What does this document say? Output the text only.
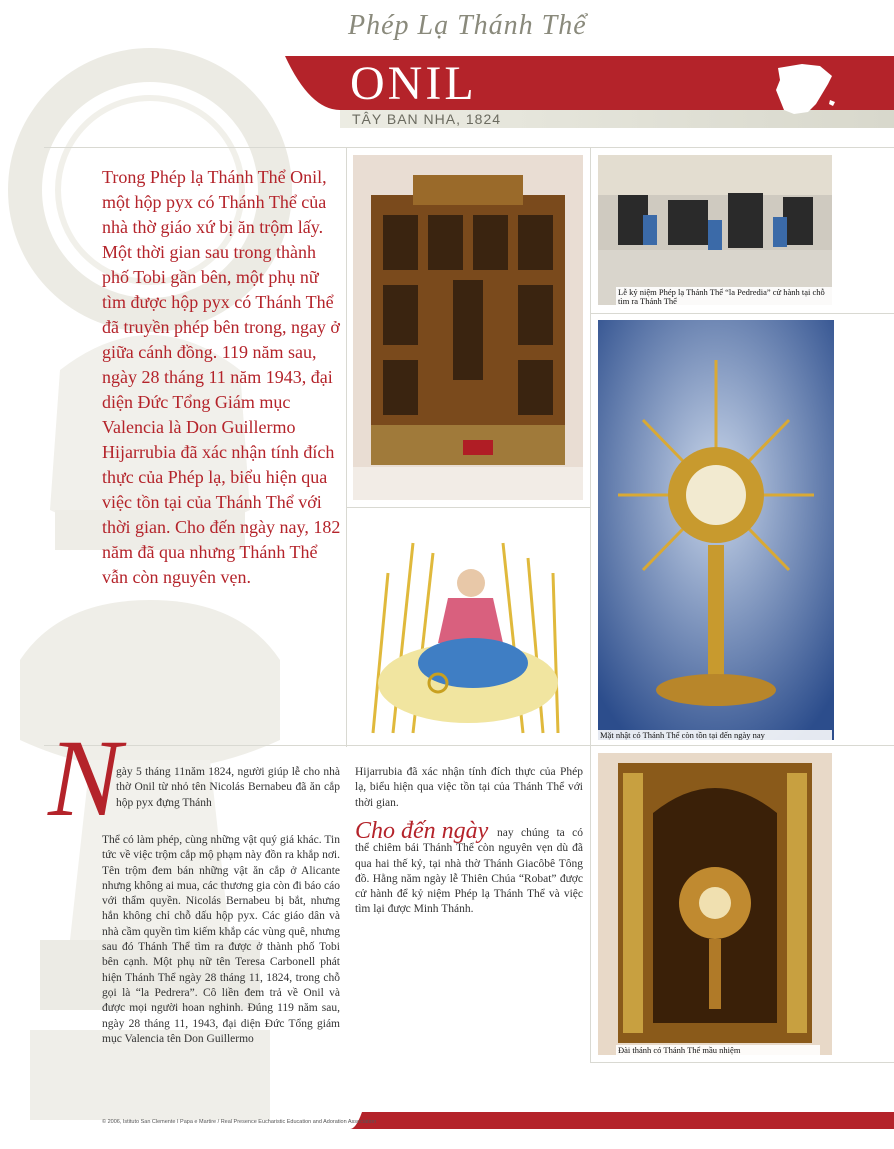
Phép Lạ Thánh Thể
ONIL
TÂY BAN NHA, 1824
Trong Phép lạ Thánh Thể Onil, một hộp pyx có Thánh Thể của nhà thờ giáo xứ bị ăn trộm lấy. Một thời gian sau trong thành phố Tobi gần bên, một phụ nữ tìm được hộp pyx có Thánh Thể đã truyền phép bên trong, ngay ở giữa cánh đồng. 119 năm sau, ngày 28 tháng 11 năm 1943, đại diện Đức Tổng Giám mục Valencia là Don Guillermo Hijarrubia đã xác nhận tính đích thực của Phép lạ, biểu hiện qua việc tồn tại của Thánh Thể với thời gian. Cho đến ngày nay, 182 năm đã qua nhưng Thánh Thể vẫn còn nguyên vẹn.
Lễ kỷ niệm Phép lạ Thánh Thể “la Pedredia” cử hành tại chỗ tìm ra Thánh Thể
Mặt nhật có Thánh Thể còn tồn tại đến ngày nay
N
gày 5 tháng 11năm 1824, người giúp lễ cho nhà thờ Onil từ nhỏ tên Nicolás Bernabeu đã ăn cắp hộp pyx đựng Thánh
Thể có làm phép, cùng những vật quý giá khác. Tin tức về việc trộm cắp mộ phạm này đồn ra khắp nơi. Tên trộm đem bán những vật ăn cắp ở Alicante nhưng không ai mua, các thương gia còn đi báo cáo với thẩm quyền. Nicolás Bernabeu bị bắt, nhưng hắn không chỉ chỗ dấu hộp pyx. Các giáo dân và nhà cầm quyền tìm kiếm khắp các vùng quê, nhưng sau đó Thánh Thể tìm ra được ở thành phố Tobi bên cạnh. Một phụ nữ tên Teresa Carbonell phát hiện Thánh Thể ngày 28 tháng 11, 1824, trong chỗ gọi là “la Pedrera”. Cô liền đem trả về Onil và được mọi người hoan nghinh. Đúng 119 năm sau, ngày 28 tháng 11, 1943, đại diện Đức Tổng giám mục Valencia tên Don Guillermo
Hijarrubia đã xác nhận tính đích thực của Phép lạ, biểu hiện qua việc tồn tại của Thánh Thể với thời gian.
Cho đến ngày nay chúng ta có thể chiêm bái Thánh Thể còn nguyên vẹn dù đã qua hai thế kỷ, tại nhà thờ Thánh Giacôbê Tông đồ. Hằng năm ngày lễ Thiên Chúa “Robat” được cử hành để kỷ niệm Phép lạ Thánh Thể và việc tìm lại được Minh Thánh.
Đài thánh có Thánh Thể mầu nhiệm
© 2006, Istituto San Clemente I Papa e Martire / Real Presence Eucharistic Education and Adoration Association
